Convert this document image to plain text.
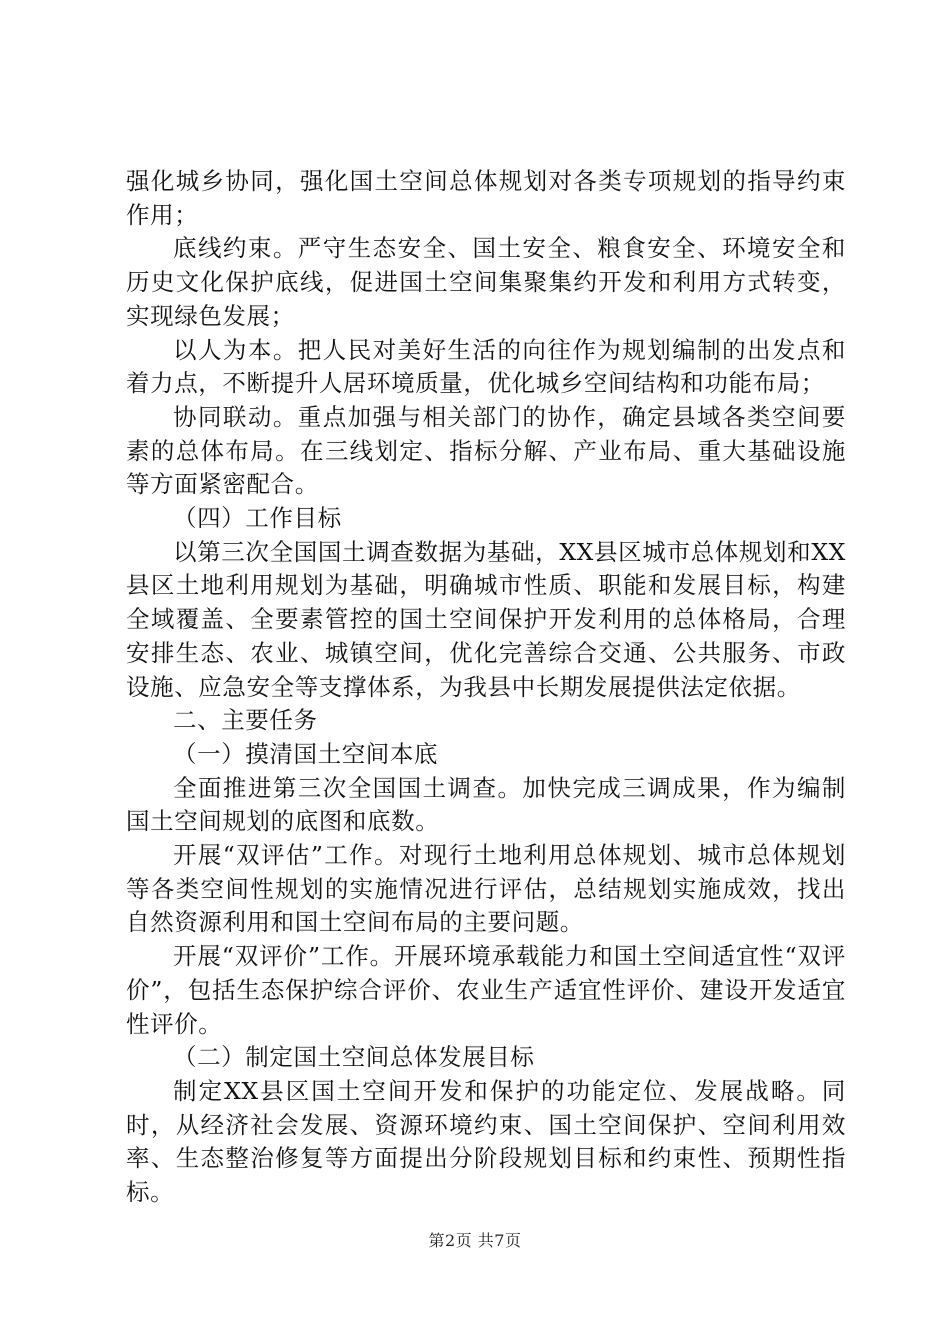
强化城乡协同，强化国土空间总体规划对各类专项规划的指导约束作用；

底线约束。严守生态安全、国土安全、粮食安全、环境安全和历史文化保护底线，促进国土空间集聚集约开发和利用方式转变，实现绿色发展；

以人为本。把人民对美好生活的向往作为规划编制的出发点和着力点，不断提升人居环境质量，优化城乡空间结构和功能布局；

协同联动。重点加强与相关部门的协作，确定县域各类空间要素的总体布局。在三线划定、指标分解、产业布局、重大基础设施等方面紧密配合。

（四）工作目标

以第三次全国国土调查数据为基础，XX县区城市总体规划和XX县区土地利用规划为基础，明确城市性质、职能和发展目标，构建全域覆盖、全要素管控的国土空间保护开发利用的总体格局，合理安排生态、农业、城镇空间，优化完善综合交通、公共服务、市政设施、应急安全等支撑体系，为我县中长期发展提供法定依据。

二、主要任务

（一）摸清国土空间本底

全面推进第三次全国国土调查。加快完成三调成果，作为编制国土空间规划的底图和底数。

开展“双评估”工作。对现行土地利用总体规划、城市总体规划等各类空间性规划的实施情况进行评估，总结规划实施成效，找出自然资源利用和国土空间布局的主要问题。

开展“双评价”工作。开展环境承载能力和国土空间适宜性“双评价”，包括生态保护综合评价、农业生产适宜性评价、建设开发适宜性评价。

（二）制定国土空间总体发展目标

制定XX县区国土空间开发和保护的功能定位、发展战略。同时，从经济社会发展、资源环境约束、国土空间保护、空间利用效率、生态整治修复等方面提出分阶段规划目标和约束性、预期性指标。

第2页 共7页
